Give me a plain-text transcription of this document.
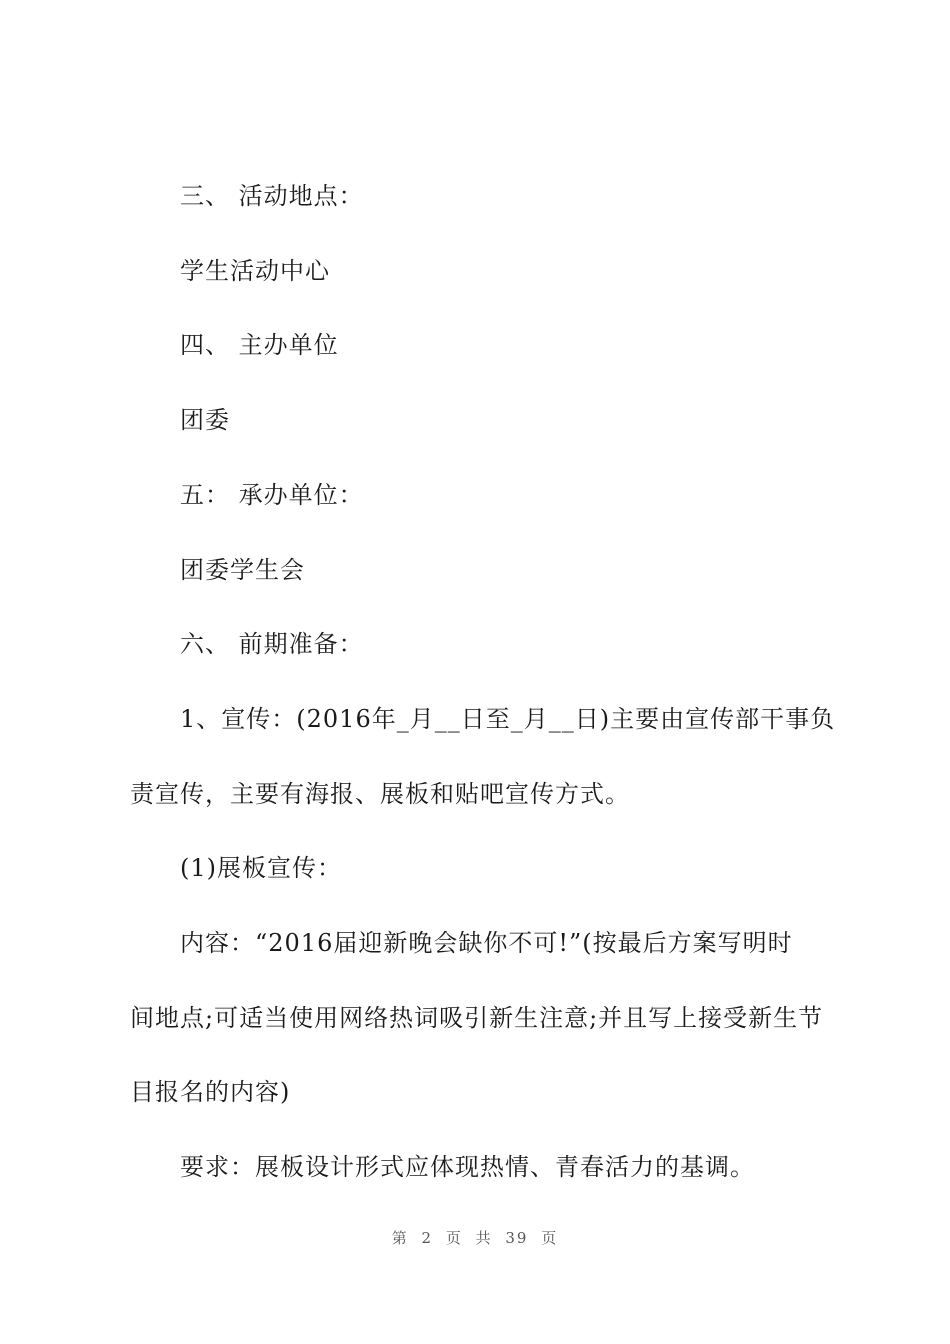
三、 活动地点：
学生活动中心
四、 主办单位
团委
五： 承办单位：
团委学生会
六、 前期准备：
1、宣传：(2016年_月__日至_月__日)主要由宣传部干事负
责宣传，主要有海报、展板和贴吧宣传方式。
(1)展板宣传：
内容：“2016届迎新晚会缺你不可!”(按最后方案写明时
间地点;可适当使用网络热词吸引新生注意;并且写上接受新生节
目报名的内容)
要求：展板设计形式应体现热情、青春活力的基调。
第 2 页 共 39 页
